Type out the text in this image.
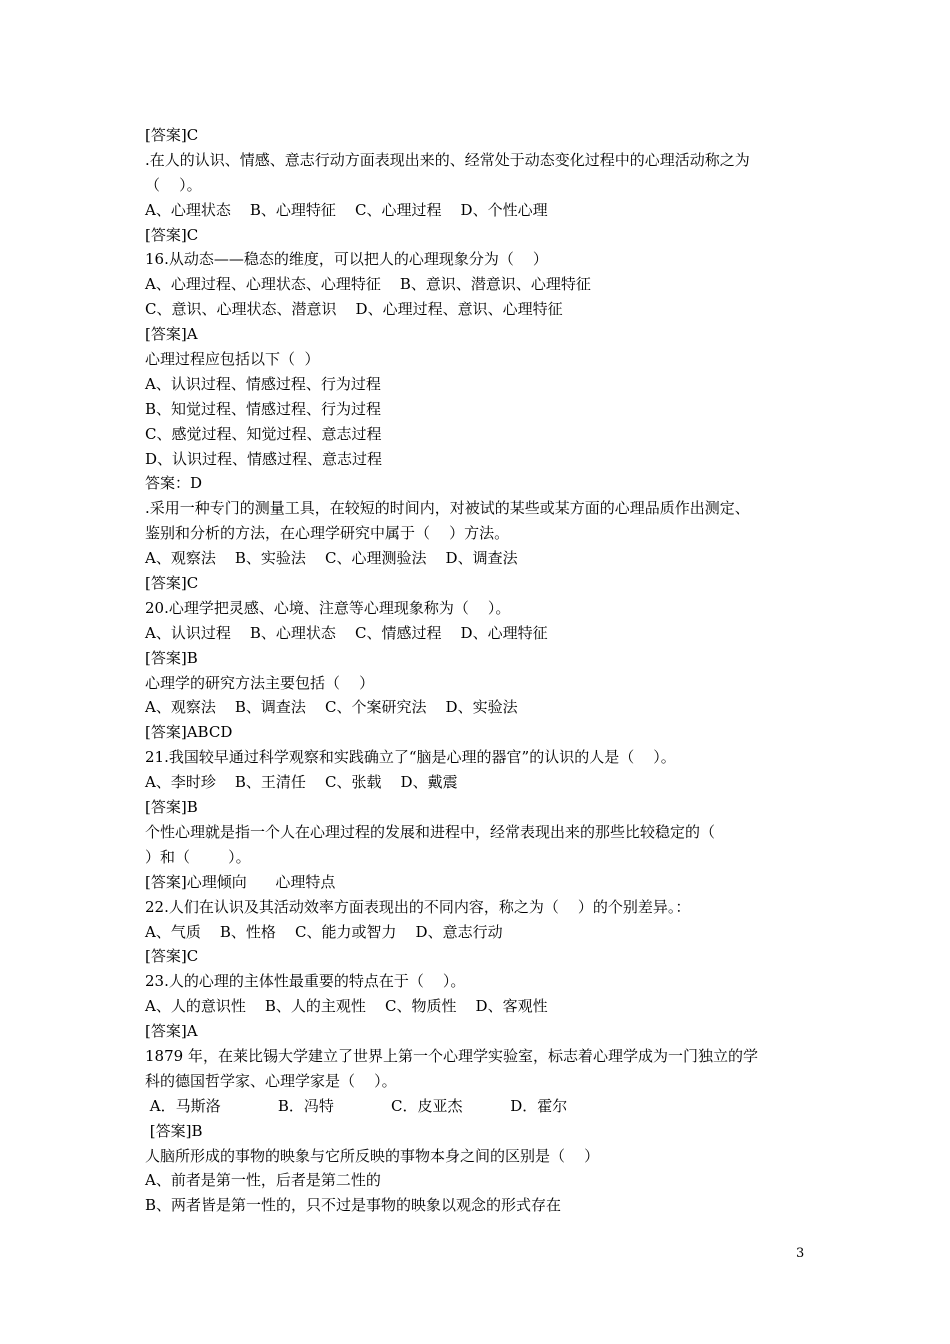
[答案]C
.在人的认识、情感、意志行动方面表现出来的、经常处于动态变化过程中的心理活动称之为
（    ）。
A、心理状态    B、心理特征    C、心理过程    D、个性心理
[答案]C
16.从动态——稳态的维度，可以把人的心理现象分为（    ）
A、心理过程、心理状态、心理特征    B、意识、潜意识、心理特征
C、意识、心理状态、潜意识    D、心理过程、意识、心理特征
[答案]A
心理过程应包括以下（  ）
A、认识过程、情感过程、行为过程
B、知觉过程、情感过程、行为过程
C、感觉过程、知觉过程、意志过程
D、认识过程、情感过程、意志过程
答案：D
.采用一种专门的测量工具，在较短的时间内，对被试的某些或某方面的心理品质作出测定、
鉴别和分析的方法，在心理学研究中属于（    ）方法。
A、观察法    B、实验法    C、心理测验法    D、调查法
[答案]C
20.心理学把灵感、心境、注意等心理现象称为（    ）。
A、认识过程    B、心理状态    C、情感过程    D、心理特征
[答案]B
心理学的研究方法主要包括（    ）
A、观察法    B、调查法    C、个案研究法    D、实验法
[答案]ABCD
21.我国较早通过科学观察和实践确立了“脑是心理的器官”的认识的人是（    ）。
A、李时珍    B、王清任    C、张载    D、戴震
[答案]B
个性心理就是指一个人在心理过程的发展和进程中，经常表现出来的那些比较稳定的（
）和（        ）。
[答案]心理倾向      心理特点
22.人们在认识及其活动效率方面表现出的不同内容，称之为（    ）的个别差异。：
A、气质    B、性格    C、能力或智力    D、意志行动
[答案]C
23.人的心理的主体性最重要的特点在于（    ）。
A、人的意识性    B、人的主观性    C、物质性    D、客观性
[答案]A
1879 年，在莱比锡大学建立了世界上第一个心理学实验室，标志着心理学成为一门独立的学
科的德国哲学家、心理学家是（    ）。
A．马斯洛            B．冯特            C．皮亚杰          D．霍尔
[答案]B
人脑所形成的事物的映象与它所反映的事物本身之间的区别是（    ）
A、前者是第一性，后者是第二性的
B、两者皆是第一性的，只不过是事物的映象以观念的形式存在
3
